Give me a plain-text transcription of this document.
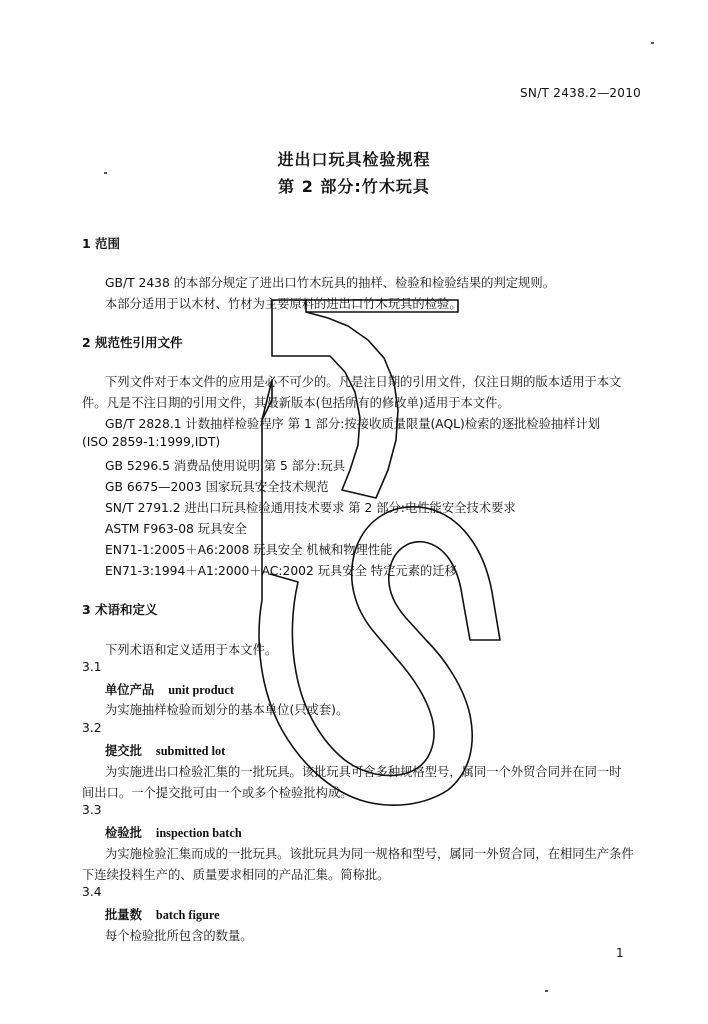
SN/T 2438.2—2010
进出口玩具检验规程
第 2 部分:竹木玩具
1 范围
GB/T 2438 的本部分规定了进出口竹木玩具的抽样、检验和检验结果的判定规则。
本部分适用于以木材、竹材为主要原料的进出口竹木玩具的检验。
2 规范性引用文件
下列文件对于本文件的应用是必不可少的。凡是注日期的引用文件，仅注日期的版本适用于本文
件。凡是不注日期的引用文件，其最新版本(包括所有的修改单)适用于本文件。
GB/T 2828.1 计数抽样检验程序 第 1 部分:按接收质量限量(AQL)检索的逐批检验抽样计划
(ISO 2859-1:1999,IDT)
GB 5296.5 消费品使用说明 第 5 部分:玩具
GB 6675—2003 国家玩具安全技术规范
SN/T 2791.2 进出口玩具检验通用技术要求 第 2 部分:电性能安全技术要求
ASTM F963-08 玩具安全
EN71-1:2005＋A6:2008 玩具安全 机械和物理性能
EN71-3:1994＋A1:2000＋AC:2002 玩具安全 特定元素的迁移
3 术语和定义
下列术语和定义适用于本文件。
3.1
单位产品 unit product
为实施抽样检验而划分的基本单位(只或套)。
3.2
提交批 submitted lot
为实施进出口检验汇集的一批玩具。该批玩具可含多种规格型号，属同一个外贸合同并在同一时
间出口。一个提交批可由一个或多个检验批构成。
3.3
检验批 inspection batch
为实施检验汇集而成的一批玩具。该批玩具为同一规格和型号，属同一外贸合同，在相同生产条件
下连续投料生产的、质量要求相同的产品汇集。简称批。
3.4
批量数 batch figure
每个检验批所包含的数量。
1
